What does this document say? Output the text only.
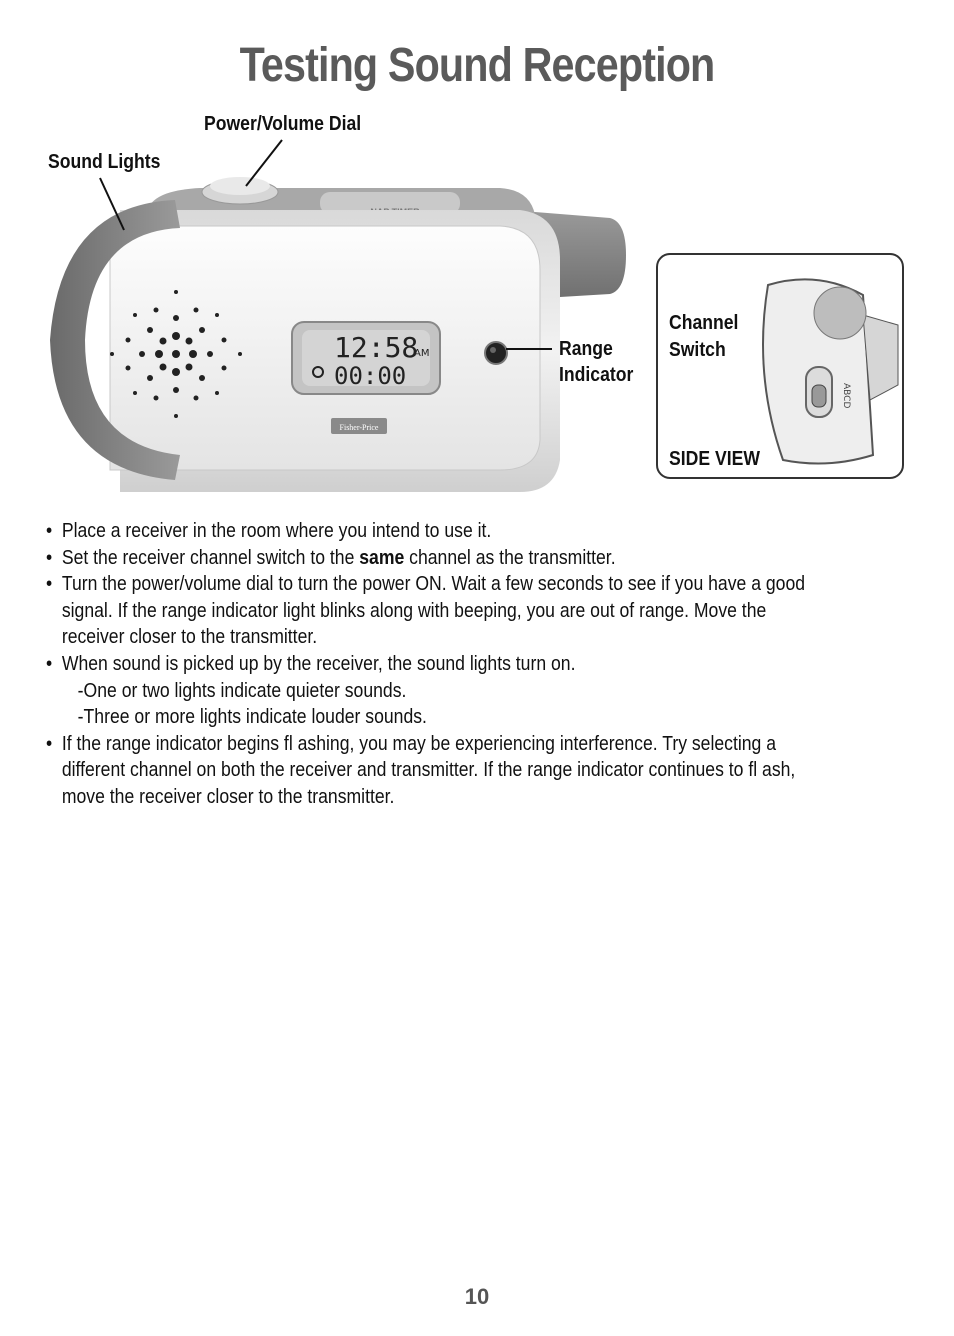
Testing Sound Reception
12:58
AM
00:00
Fisher-Price
ABCD
Power/Volume Dial
Sound Lights
Range
Indicator
Channel
Switch
SIDE VIEW
• Place a receiver in the room where you intend to use it.
• Set the receiver channel switch to the same channel as the transmitter.
• Turn the power/volume dial to turn the power ON. Wait a few seconds to see if you have a good signal. If the range indicator light blinks along with beeping, you are out of range. Move the receiver closer to the transmitter.
• When sound is picked up by the receiver, the sound lights turn on.
-One or two lights indicate quieter sounds.
-Three or more lights indicate louder sounds.
• If the range indicator begins fl ashing, you may be experiencing interference. Try selecting a different channel on both the receiver and transmitter. If the range indicator continues to fl ash, move the receiver closer to the transmitter.
10
